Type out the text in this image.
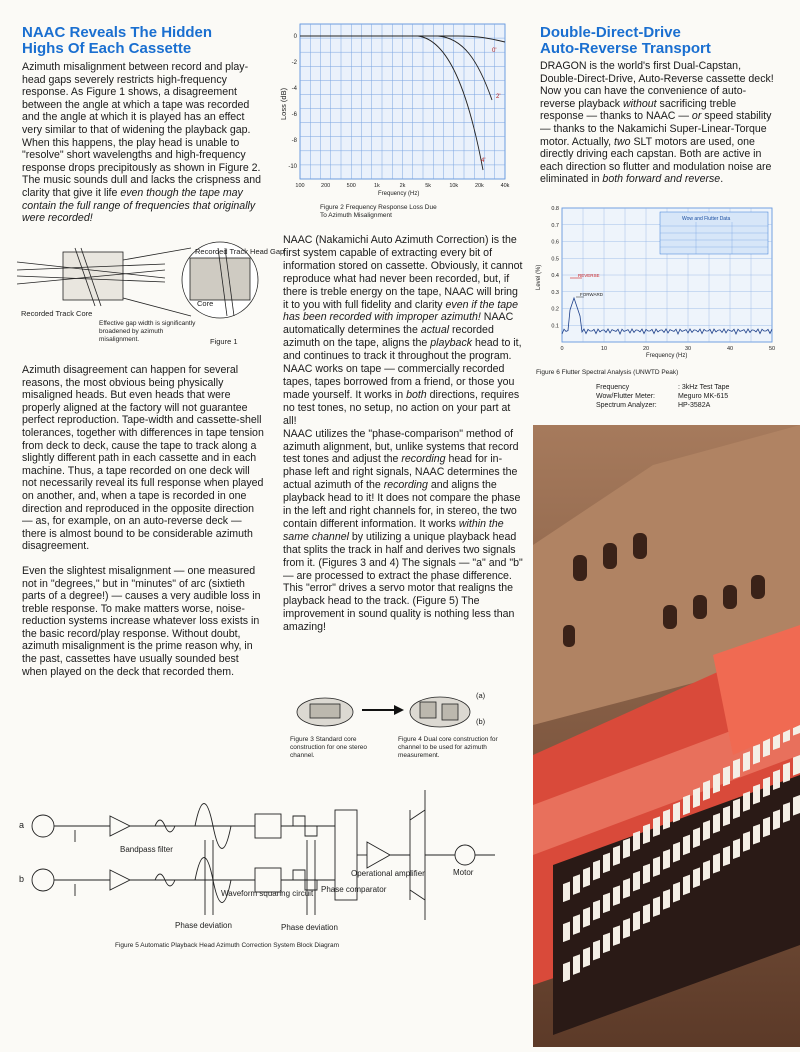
NAAC Reveals The Hidden
Highs Of Each Cassette

Azimuth misalignment between record and play-head gaps severely restricts high-frequency response. As Figure 1 shows, a disagreement between the angle at which a tape was recorded and the angle at which it is played has an effect very similar to that of widening the playback gap. When this happens, the play head is unable to "resolve" short wavelengths and high-frequency response drops precipitously as shown in Figure 2. The music sounds dull and lacks the crispness and clarity that give it life even though the tape may contain the full range of frequencies that originally were recorded!

Recorded Track Head Gap
Core
Recorded Track Core
Figure 1
Effective gap width is significantly broadened by azimuth misalignment.

Azimuth disagreement can happen for several reasons, the most obvious being physically misaligned heads. But even heads that were properly aligned at the factory will not guarantee perfect reproduction. Tape-width and cassette-shell tolerances, together with differences in tape tension from deck to deck, cause the tape to track along a slightly different path in each cassette and in each machine. Thus, a tape recorded on one deck will not necessarily reveal its full response when played on another, and, when a tape is recorded in one direction and reproduced in the opposite direction — as, for example, on an auto-reverse deck — there is almost bound to be considerable azimuth disagreement.

Even the slightest misalignment — one measured not in "degrees," but in "minutes" of arc (sixtieth parts of a degree!) — causes a very audible loss in treble response. To make matters worse, noise-reduction systems increase whatever loss exists in the basic record/play response. Without doubt, azimuth misalignment is the prime reason why, in the past, cassettes have usually sounded best when played on the deck that recorded them.

0
-2
-4
-6
-8
-10
100	200	500	1k	2k	5k	10k	20k	40k
0'
2'
4'
Loss (dB)
Frequency (Hz)
Figure 2 Frequency Response Loss Due
To Azimuth Misalignment

NAAC (Nakamichi Auto Azimuth Correction) is the first system capable of extracting every bit of information stored on cassette. Obviously, it cannot reproduce what had never been recorded, but, if there is treble energy on the tape, NAAC will bring it to you with full fidelity and clarity even if the tape has been recorded with improper azimuth! NAAC automatically determines the actual recorded azimuth on the tape, aligns the playback head to it, and continues to track it throughout the program. NAAC works on tape — commercially recorded tapes, tapes borrowed from a friend, or those you made yourself. It works in both directions, requires no test tones, no setup, no action on your part at all!

NAAC utilizes the "phase-comparison" method of azimuth alignment, but, unlike systems that record test tones and adjust the recording head for in-phase left and right signals, NAAC determines the actual azimuth of the recording and aligns the playback head to it! It does not compare the phase in the left and right channels for, in stereo, the two contain different information. It works within the same channel by utilizing a unique playback head that splits the track in half and derives two signals from it. (Figures 3 and 4) The signals — "a" and "b" — are processed to extract the phase difference. This "error" drives a servo motor that realigns the playback head to the track. (Figure 5) The improvement in sound quality is nothing less than amazing!

(a)
(b)
Figure 3 Standard core construction for one stereo channel.
Figure 4 Dual core construction for channel to be used for azimuth measurement.
Double-Direct-Drive
Auto-Reverse Transport

DRAGON is the world's first Dual-Capstan, Double-Direct-Drive, Auto-Reverse cassette deck! Now you can have the convenience of auto-reverse playback without sacrificing treble response — thanks to NAAC — or speed stability — thanks to the Nakamichi Super-Linear-Torque motor. Actually, two SLT motors are used, one directly driving each capstan. Both are active in each direction so flutter and modulation noise are eliminated in both forward and reverse.

Wow and Flutter Data
REVERSE
FORWARD
0.8
0.7
0.6
0.5
0.4
0.3
0.2
0.1
0	10	20	30	40	50
Level (%)
Frequency (Hz)
Figure 6 Flutter Spectral Analysis (UNWTD Peak)
Frequency	: 3kHz Test Tape
Wow/Flutter Meter:	Meguro MK-615
Spectrum Analyzer:	HP-3582A
a
b
Bandpass filter
Waveform squaring circuit
Phase deviation	Phase deviation
Phase comparator
Operational amplifier	Motor
Figure 5 Automatic Playback Head Azimuth Correction System Block Diagram
